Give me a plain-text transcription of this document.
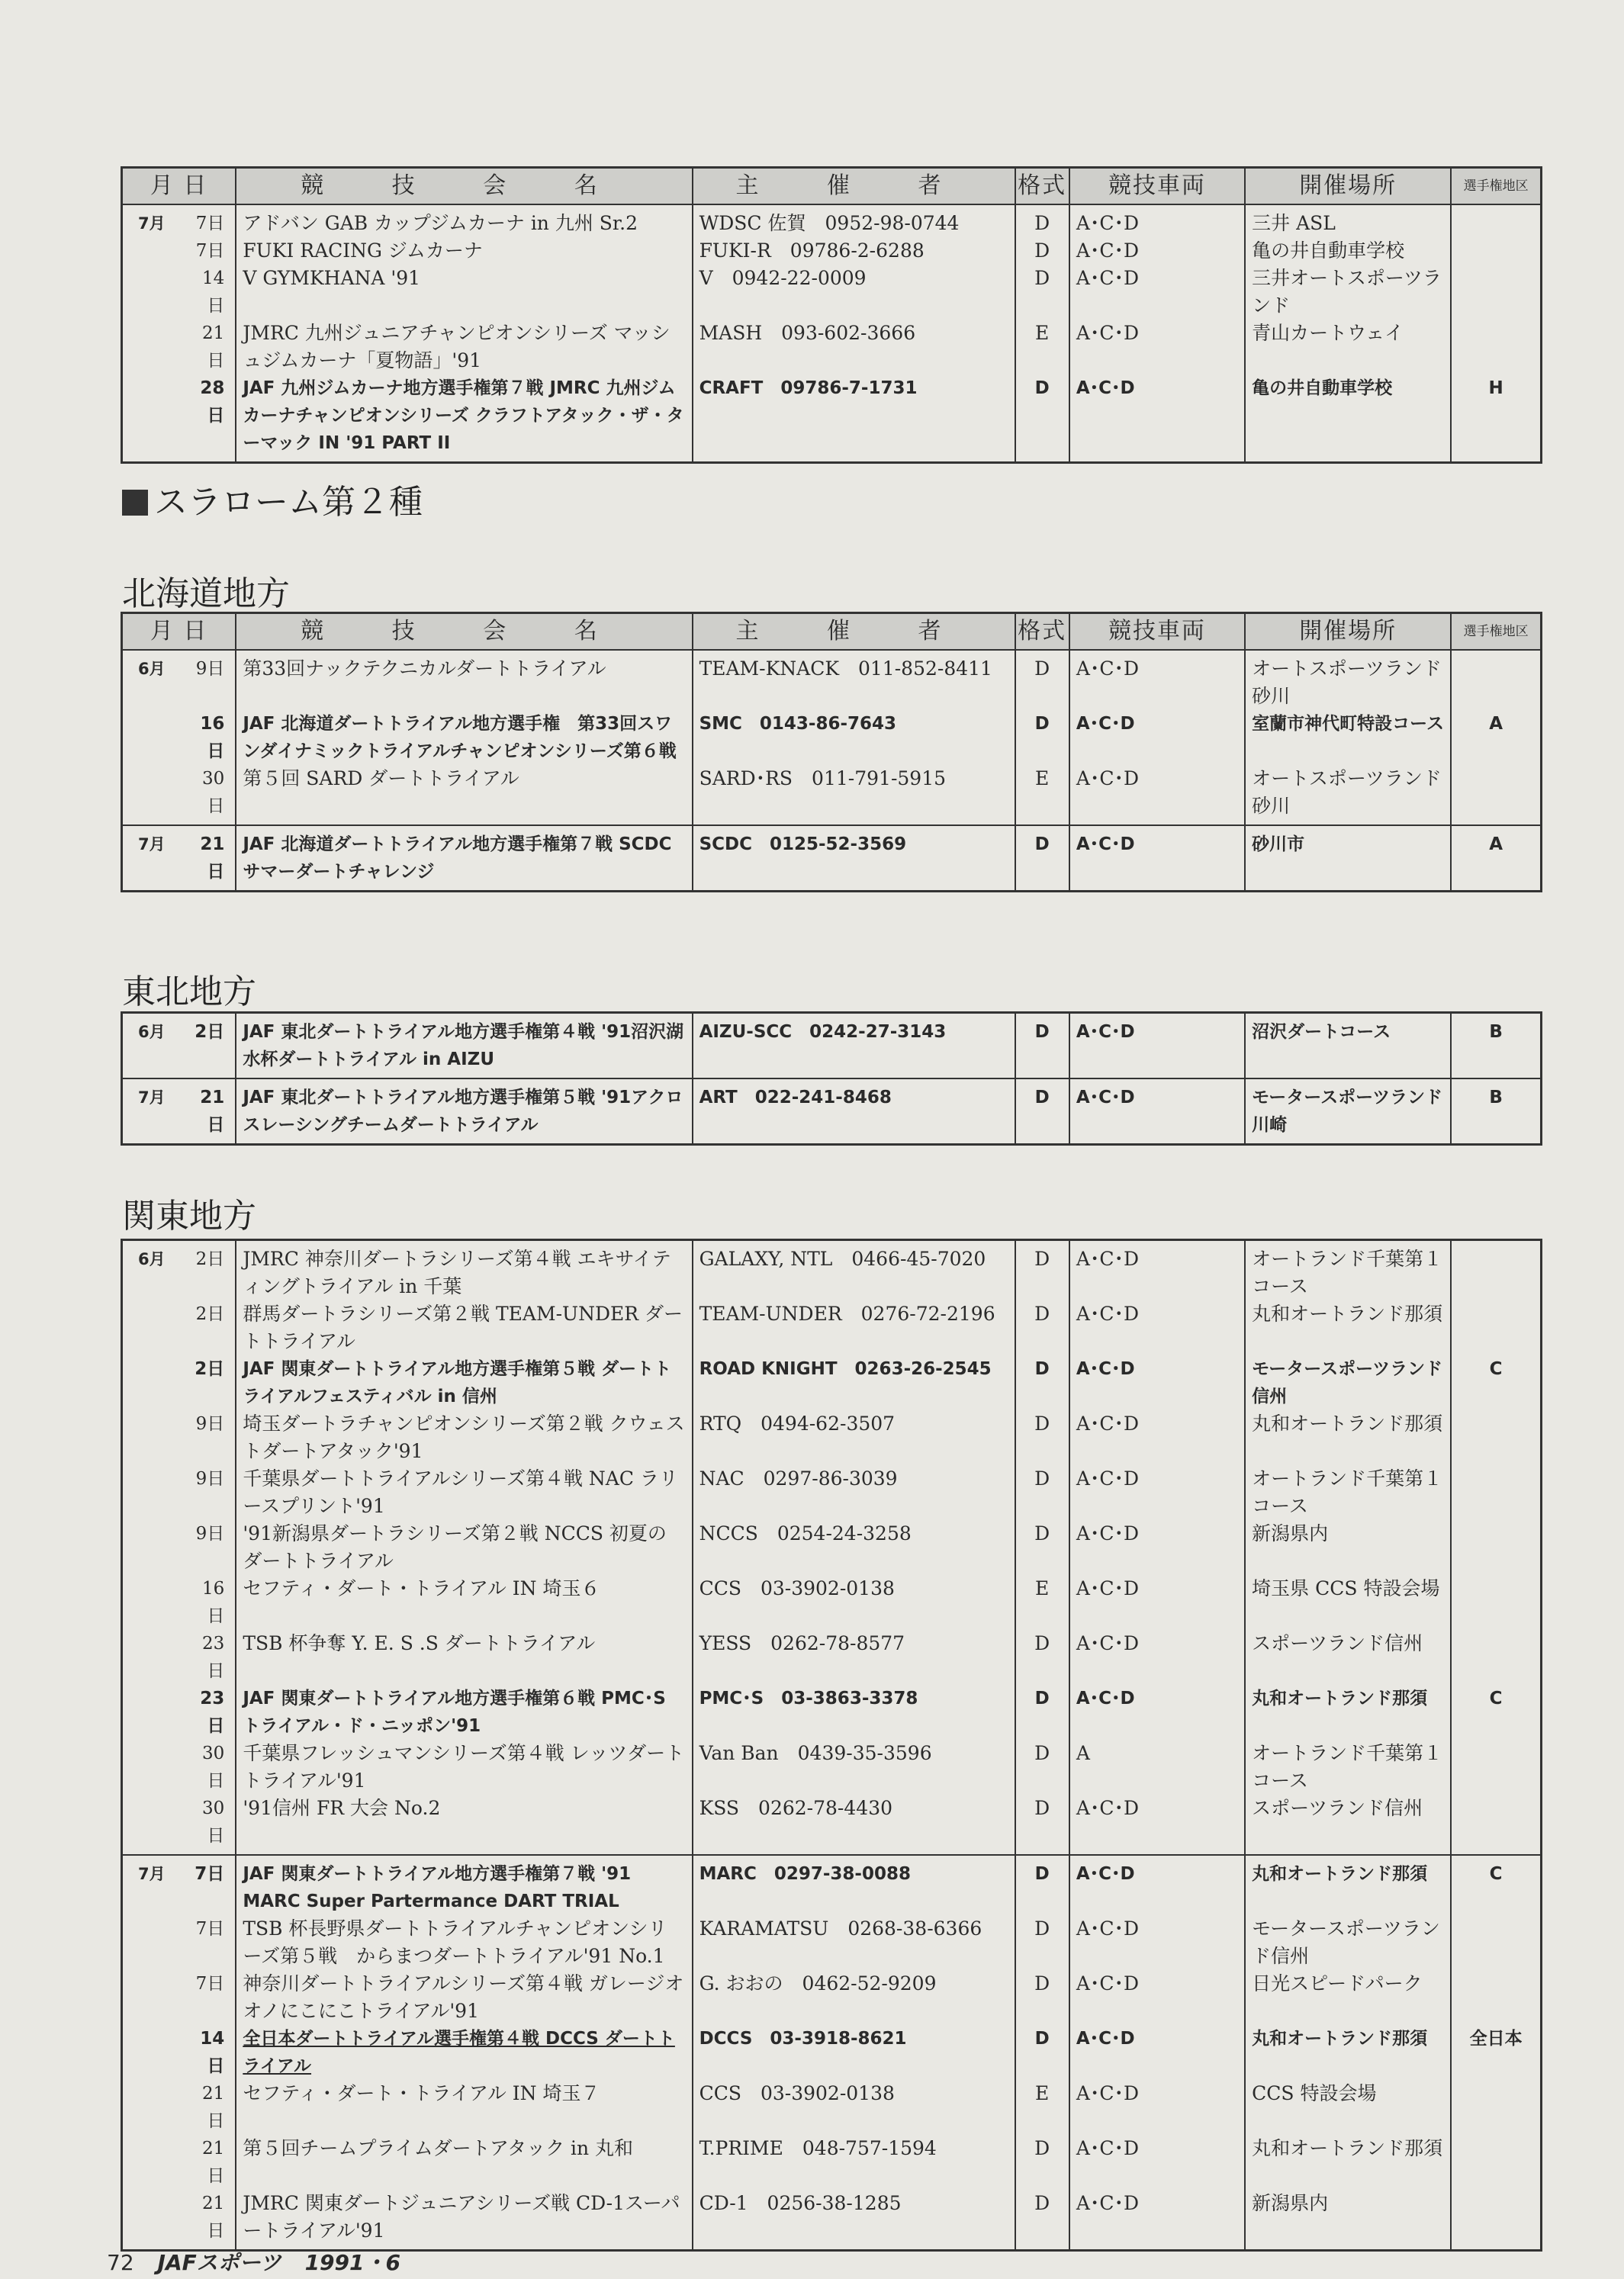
月 日		競 技 会 名	主 催 者	格式	競技車両	開催場所	選手権地区
7月	7日	アドバン GAB カップジムカーナ in 九州 Sr.2	WDSC 佐賀　0952-98-0744	D	A･C･D	三井 ASL	
	7日	FUKI RACING ジムカーナ	FUKI-R　09786-2-6288	D	A･C･D	亀の井自動車学校	
	14日	V GYMKHANA '91	V　0942-22-0009	D	A･C･D	三井オートスポーツランド	
	21日	JMRC 九州ジュニアチャンピオンシリーズ マッシュジムカーナ「夏物語」'91	MASH　093-602-3666	E	A･C･D	青山カートウェイ	
	28日	JAF 九州ジムカーナ地方選手権第７戦 JMRC 九州ジムカーナチャンピオンシリーズ クラフトアタック・ザ・ターマック IN '91 PART II	CRAFT　09786-7-1731	D	A･C･D	亀の井自動車学校	H
スラローム第２種
北海道地方
月 日		競 技 会 名	主 催 者	格式	競技車両	開催場所	選手権地区
6月	9日	第33回ナックテクニカルダートトライアル	TEAM-KNACK　011-852-8411	D	A･C･D	オートスポーツランド砂川	
	16日	JAF 北海道ダートトライアル地方選手権　第33回スワンダイナミックトライアルチャンピオンシリーズ第６戦	SMC　0143-86-7643	D	A･C･D	室蘭市神代町特設コース	A
	30日	第５回 SARD ダートトライアル	SARD･RS　011-791-5915	E	A･C･D	オートスポーツランド砂川	
7月	21日	JAF 北海道ダートトライアル地方選手権第７戦 SCDC サマーダートチャレンジ	SCDC　0125-52-3569	D	A･C･D	砂川市	A
東北地方
6月	2日	JAF 東北ダートトライアル地方選手権第４戦 '91沼沢湖水杯ダートトライアル in AIZU	AIZU-SCC　0242-27-3143	D	A･C･D	沼沢ダートコース	B
7月	21日	JAF 東北ダートトライアル地方選手権第５戦 '91アクロスレーシングチームダートトライアル	ART　022-241-8468	D	A･C･D	モータースポーツランド川崎	B
関東地方
6月	2日	JMRC 神奈川ダートラシリーズ第４戦 エキサイティングトライアル in 千葉	GALAXY, NTL　0466-45-7020	D	A･C･D	オートランド千葉第１コース	
	2日	群馬ダートラシリーズ第２戦 TEAM-UNDER ダートトライアル	TEAM-UNDER　0276-72-2196	D	A･C･D	丸和オートランド那須	
	2日	JAF 関東ダートトライアル地方選手権第５戦 ダートトライアルフェスティバル in 信州	ROAD KNIGHT　0263-26-2545	D	A･C･D	モータースポーツランド信州	C
	9日	埼玉ダートラチャンピオンシリーズ第２戦 クウェストダートアタック'91	RTQ　0494-62-3507	D	A･C･D	丸和オートランド那須	
	9日	千葉県ダートトライアルシリーズ第４戦 NAC ラリースプリント'91	NAC　0297-86-3039	D	A･C･D	オートランド千葉第１コース	
	9日	'91新潟県ダートラシリーズ第２戦 NCCS 初夏のダートトライアル	NCCS　0254-24-3258	D	A･C･D	新潟県内	
	16日	セフティ・ダート・トライアル IN 埼玉６	CCS　03-3902-0138	E	A･C･D	埼玉県 CCS 特設会場	
	23日	TSB 杯争奪 Y. E. S .S ダートトライアル	YESS　0262-78-8577	D	A･C･D	スポーツランド信州	
	23日	JAF 関東ダートトライアル地方選手権第６戦 PMC･S トライアル・ド・ニッポン'91	PMC･S　03-3863-3378	D	A･C･D	丸和オートランド那須	C
	30日	千葉県フレッシュマンシリーズ第４戦 レッツダートトライアル'91	Van Ban　0439-35-3596	D	A	オートランド千葉第１コース	
	30日	'91信州 FR 大会 No.2	KSS　0262-78-4430	D	A･C･D	スポーツランド信州	
7月	7日	JAF 関東ダートトライアル地方選手権第７戦 '91 MARC Super Partermance DART TRIAL	MARC　0297-38-0088	D	A･C･D	丸和オートランド那須	C
	7日	TSB 杯長野県ダートトライアルチャンピオンシリーズ第５戦　からまつダートトライアル'91 No.1	KARAMATSU　0268-38-6366	D	A･C･D	モータースポーツランド信州	
	7日	神奈川ダートトライアルシリーズ第４戦 ガレージオオノにこにこトライアル'91	G. おおの　0462-52-9209	D	A･C･D	日光スピードパーク	
	14日	全日本ダートトライアル選手権第４戦 DCCS ダートトライアル	DCCS　03-3918-8621	D	A･C･D	丸和オートランド那須	全日本
	21日	セフティ・ダート・トライアル IN 埼玉７	CCS　03-3902-0138	E	A･C･D	CCS 特設会場	
	21日	第５回チームプライムダートアタック in 丸和	T.PRIME　048-757-1594	D	A･C･D	丸和オートランド那須	
	21日	JMRC 関東ダートジュニアシリーズ戦 CD-1スーパートライアル'91	CD-1　0256-38-1285	D	A･C･D	新潟県内	
72 JAFスポーツ 1991・6
